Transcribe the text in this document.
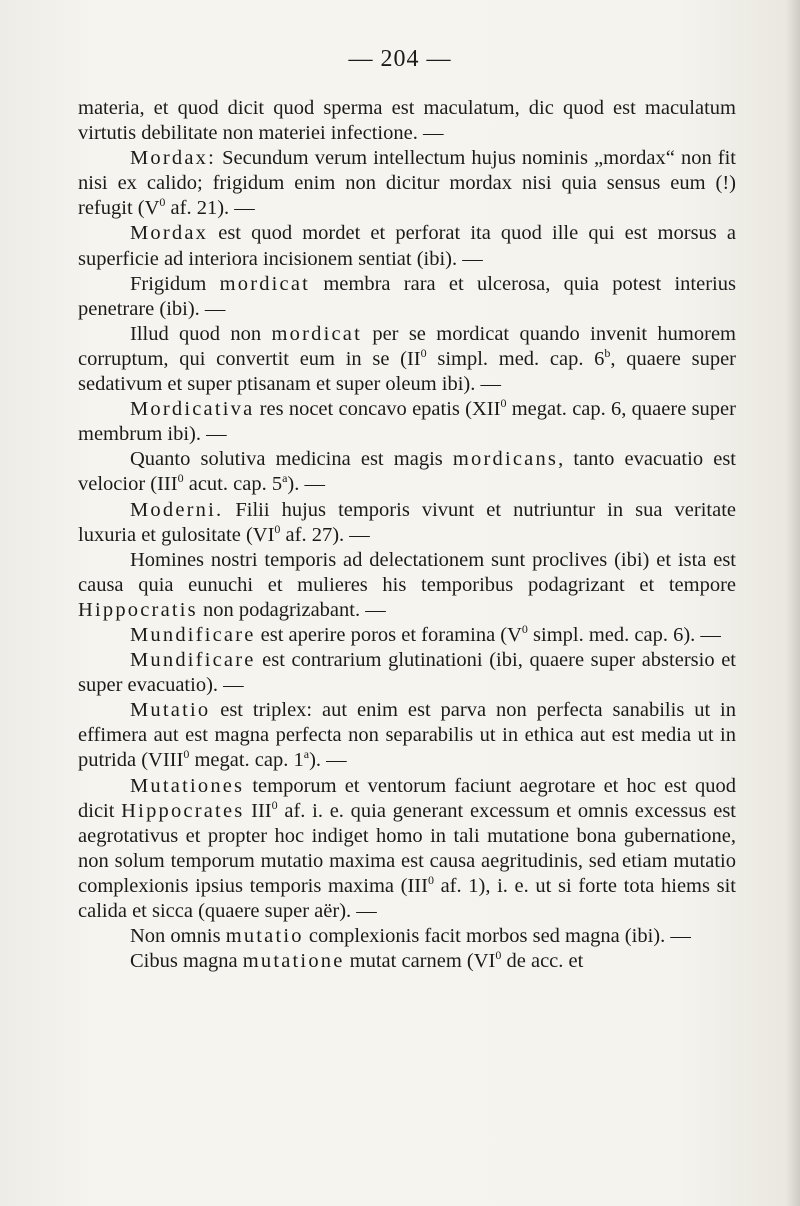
— 204 —

materia, et quod dicit quod sperma est maculatum, dic quod est maculatum virtutis debilitate non materiei infectione. —

Mordax: Secundum verum intellectum hujus nominis „mordax“ non fit nisi ex calido; frigidum enim non dicitur mordax nisi quia sensus eum (!) refugit ($V^0$ af. 21). —

Mordax est quod mordet et perforat ita quod ille qui est morsus a superficie ad interiora incisionem sentiat (ibi). —

Frigidum mordicat membra rara et ulcerosa, quia potest interius penetrare (ibi). —

Illud quod non mordicat per se mordicat quando invenit humorem corruptum, qui convertit eum in se ($II^0$ simpl. med. cap. 6$^b$, quaere super sedativum et super ptisanam et super oleum ibi). —

Mordicativa res nocet concavo epatis (XII$^0$ megat. cap. 6, quaere super membrum ibi). —

Quanto solutiva medicina est magis mordicans, tanto evacuatio est velocior (III$^0$ acut. cap. 5$^a$). —

Moderni. Filii hujus temporis vivunt et nutriuntur in sua veritate luxuria et gulositate ($VI^0$ af. 27). —

Homines nostri temporis ad delectationem sunt proclives (ibi) et ista est causa quia eunuchi et mulieres his temporibus podagrizant et tempore Hippocratis non podagrizabant. —

Mundificare est aperire poros et foramina ($V^0$ simpl. med. cap. 6). —

Mundificare est contrarium glutinationi (ibi, quaere super abstersio et super evacuatio). —

Mutatio est triplex: aut enim est parva non perfecta sanabilis ut in effimera aut est magna perfecta non separabilis ut in ethica aut est media ut in putrida (VIII$^0$ megat. cap. 1$^a$). —

Mutationes temporum et ventorum faciunt aegrotare et hoc est quod dicit Hippocrates III$^0$ af. i. e. quia generant excessum et omnis excessus est aegrotativus et propter hoc indiget homo in tali mutatione bona gubernatione, non solum temporum mutatio maxima est causa aegritudinis, sed etiam mutatio complexionis ipsius temporis maxima (III$^0$ af. 1), i. e. ut si forte tota hiems sit calida et sicca (quaere super aër). —

Non omnis mutatio complexionis facit morbos sed magna (ibi). —

Cibus magna mutatione mutat carnem ($VI^0$ de acc. et
